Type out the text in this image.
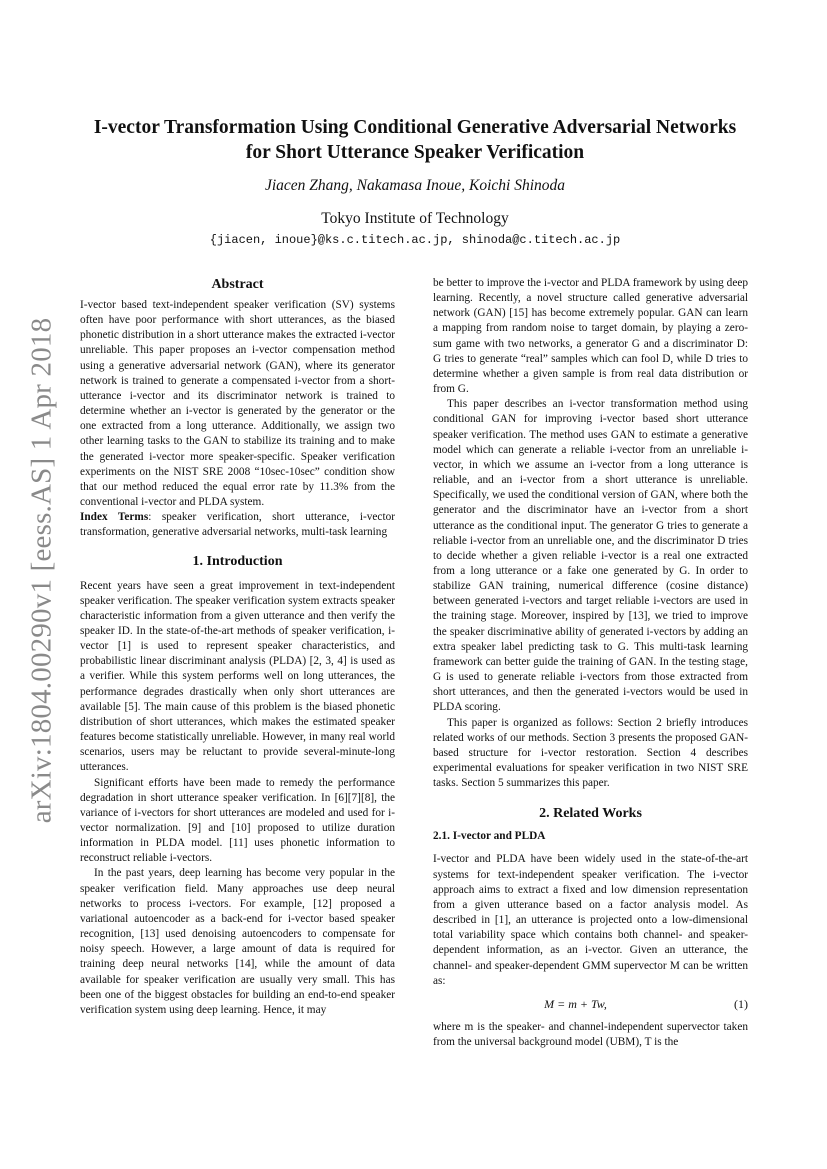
arXiv:1804.00290v1 [eess.AS] 1 Apr 2018
I-vector Transformation Using Conditional Generative Adversarial Networks
for Short Utterance Speaker Verification
Jiacen Zhang, Nakamasa Inoue, Koichi Shinoda
Tokyo Institute of Technology
{jiacen, inoue}@ks.c.titech.ac.jp, shinoda@c.titech.ac.jp
Abstract

I-vector based text-independent speaker verification (SV) systems often have poor performance with short utterances, as the biased phonetic distribution in a short utterance makes the extracted i-vector unreliable. This paper proposes an i-vector compensation method using a generative adversarial network (GAN), where its generator network is trained to generate a compensated i-vector from a short-utterance i-vector and its discriminator network is trained to determine whether an i-vector is generated by the generator or the one extracted from a long utterance. Additionally, we assign two other learning tasks to the GAN to stabilize its training and to make the generated i-vector more speaker-specific. Speaker verification experiments on the NIST SRE 2008 “10sec-10sec” condition show that our method reduced the equal error rate by 11.3% from the conventional i-vector and PLDA system.

Index Terms: speaker verification, short utterance, i-vector transformation, generative adversarial networks, multi-task learning

1. Introduction

Recent years have seen a great improvement in text-independent speaker verification. The speaker verification system extracts speaker characteristic information from a given utterance and then verify the speaker ID. In the state-of-the-art methods of speaker verification, i-vector [1] is used to represent speaker characteristics, and probabilistic linear discriminant analysis (PLDA) [2, 3, 4] is used as a verifier. While this system performs well on long utterances, the performance degrades drastically when only short utterances are available [5]. The main cause of this problem is the biased phonetic distribution of short utterances, which makes the estimated speaker features become statistically unreliable. However, in many real world scenarios, users may be reluctant to provide several-minute-long utterances.

Significant efforts have been made to remedy the performance degradation in short utterance speaker verification. In [6][7][8], the variance of i-vectors for short utterances are modeled and used for i-vector normalization. [9] and [10] proposed to utilize duration information in PLDA model. [11] uses phonetic information to reconstruct reliable i-vectors.

In the past years, deep learning has become very popular in the speaker verification field. Many approaches use deep neural networks to process i-vectors. For example, [12] proposed a variational autoencoder as a back-end for i-vector based speaker recognition, [13] used denoising autoencoders to compensate for noisy speech. However, a large amount of data is required for training deep neural networks [14], while the amount of data available for speaker verification are usually very small. This has been one of the biggest obstacles for building an end-to-end speaker verification system using deep learning. Hence, it may

be better to improve the i-vector and PLDA framework by using deep learning. Recently, a novel structure called generative adversarial network (GAN) [15] has become extremely popular. GAN can learn a mapping from random noise to target domain, by playing a zero-sum game with two networks, a generator G and a discriminator D: G tries to generate “real” samples which can fool D, while D tries to determine whether a given sample is from real data distribution or from G.

This paper describes an i-vector transformation method using conditional GAN for improving i-vector based short utterance speaker verification. The method uses GAN to estimate a generative model which can generate a reliable i-vector from an unreliable i-vector, in which we assume an i-vector from a long utterance is reliable, and an i-vector from a short utterance is unreliable. Specifically, we used the conditional version of GAN, where both the generator and the discriminator have an i-vector from a short utterance as the conditional input. The generator G tries to generate a reliable i-vector from an unreliable one, and the discriminator D tries to decide whether a given reliable i-vector is a real one extracted from a long utterance or a fake one generated by G. In order to stabilize GAN training, numerical difference (cosine distance) between generated i-vectors and target reliable i-vectors are used in the training stage. Moreover, inspired by [13], we tried to improve the speaker discriminative ability of generated i-vectors by adding an extra speaker label predicting task to G. This multi-task learning framework can better guide the training of GAN. In the testing stage, G is used to generate reliable i-vectors from those extracted from short utterances, and then the generated i-vectors would be used in PLDA scoring.

This paper is organized as follows: Section 2 briefly introduces related works of our methods. Section 3 presents the proposed GAN-based structure for i-vector restoration. Section 4 describes experimental evaluations for speaker verification in two NIST SRE tasks. Section 5 summarizes this paper.

2. Related Works
2.1. I-vector and PLDA

I-vector and PLDA have been widely used in the state-of-the-art systems for text-independent speaker verification. The i-vector approach aims to extract a fixed and low dimension representation from a given utterance based on a factor analysis model. As described in [1], an utterance is projected onto a low-dimensional total variability space which contains both channel- and speaker-dependent information, as an i-vector. Given an utterance, the channel- and speaker-dependent GMM supervector M can be written as:

M = m + Tw,	(1)

where m is the speaker- and channel-independent supervector taken from the universal background model (UBM), T is the
